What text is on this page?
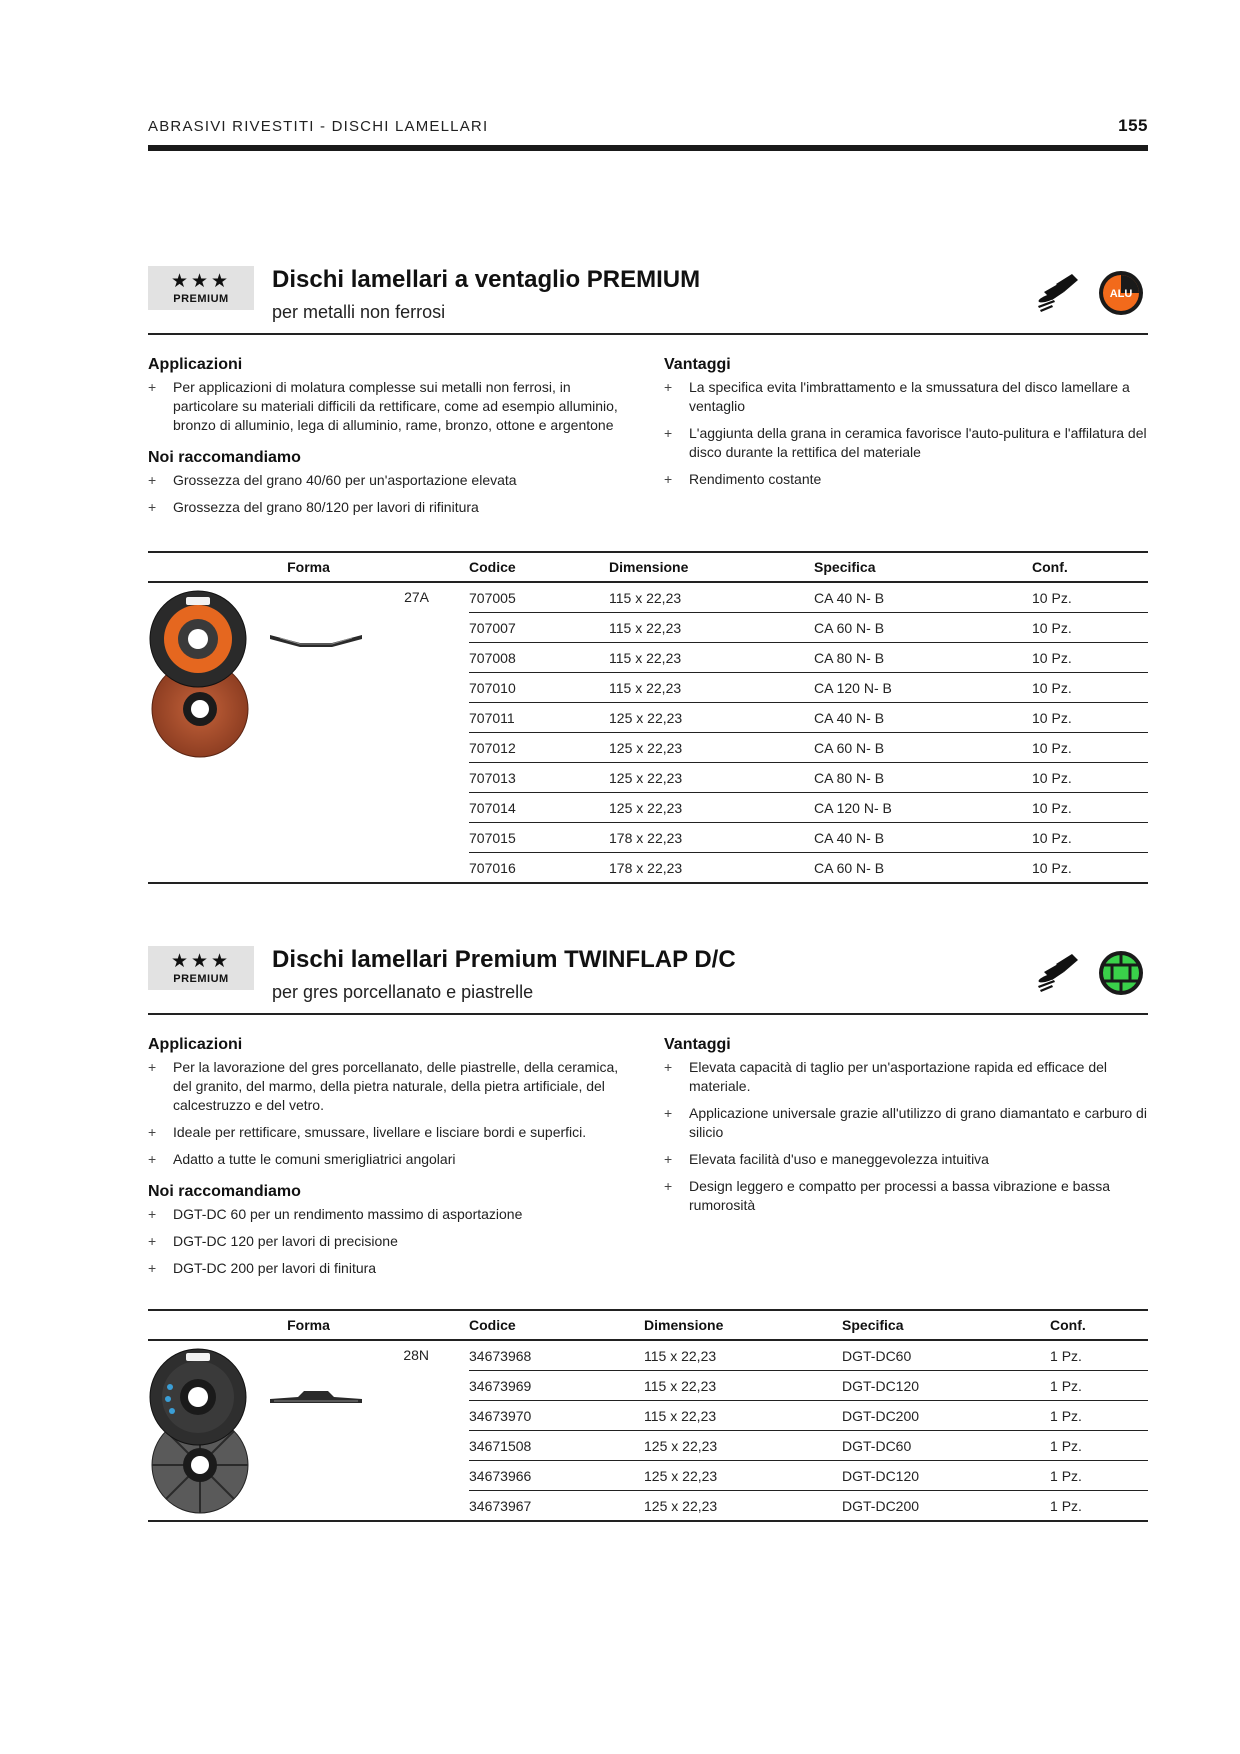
ABRASIVI RIVESTITI - DISCHI LAMELLARI	155
★★★
PREMIUM
Dischi lamellari a ventaglio PREMIUM
per metalli non ferrosi
ALU
Applicazioni
+ Per applicazioni di molatura complesse sui metalli non ferrosi, in particolare su materiali difficili da rettificare, come ad esempio alluminio, bronzo di alluminio, lega di alluminio, rame, bronzo, ottone e argentone
Noi raccomandiamo
+ Grossezza del grano 40/60 per un'asportazione elevata
+ Grossezza del grano 80/120 per lavori di rifinitura
Vantaggi
+ La specifica evita l'imbrattamento e la smussatura del disco lamellare a ventaglio
+ L'aggiunta della grana in ceramica favorisce l'auto-pulitura e l'affilatura del disco durante la rettifica del materiale
+ Rendimento costante
Forma		Codice	Dimensione	Specifica	Conf.

	27A	707005	115 x 22,23	CA 40 N- B	10 Pz.
		707007	115 x 22,23	CA 60 N- B	10 Pz.
		707008	115 x 22,23	CA 80 N- B	10 Pz.
		707010	115 x 22,23	CA 120 N- B	10 Pz.
		707011	125 x 22,23	CA 40 N- B	10 Pz.
		707012	125 x 22,23	CA 60 N- B	10 Pz.
		707013	125 x 22,23	CA 80 N- B	10 Pz.
		707014	125 x 22,23	CA 120 N- B	10 Pz.
		707015	178 x 22,23	CA 40 N- B	10 Pz.
		707016	178 x 22,23	CA 60 N- B	10 Pz.
★★★
PREMIUM
Dischi lamellari Premium TWINFLAP D/C
per gres porcellanato e piastrelle
Applicazioni
+ Per la lavorazione del gres porcellanato, delle piastrelle, della ceramica, del granito, del marmo, della pietra naturale, della pietra artificiale, del calcestruzzo e del vetro.
+ Ideale per rettificare, smussare, livellare e lisciare bordi e superfici.
+ Adatto a tutte le comuni smerigliatrici angolari
Noi raccomandiamo
+ DGT-DC 60 per un rendimento massimo di asportazione
+ DGT-DC 120 per lavori di precisione
+ DGT-DC 200 per lavori di finitura
Vantaggi
+ Elevata capacità di taglio per un'asportazione rapida ed efficace del materiale.
+ Applicazione universale grazie all'utilizzo di grano diamantato e carburo di silicio
+ Elevata facilità d'uso e maneggevolezza intuitiva
+ Design leggero e compatto per processi a bassa vibrazione e bassa rumorosità
Forma		Codice	Dimensione	Specifica	Conf.

	28N	34673968	115 x 22,23	DGT-DC60	1 Pz.
		34673969	115 x 22,23	DGT-DC120	1 Pz.
		34673970	115 x 22,23	DGT-DC200	1 Pz.
		34671508	125 x 22,23	DGT-DC60	1 Pz.
		34673966	125 x 22,23	DGT-DC120	1 Pz.
		34673967	125 x 22,23	DGT-DC200	1 Pz.
